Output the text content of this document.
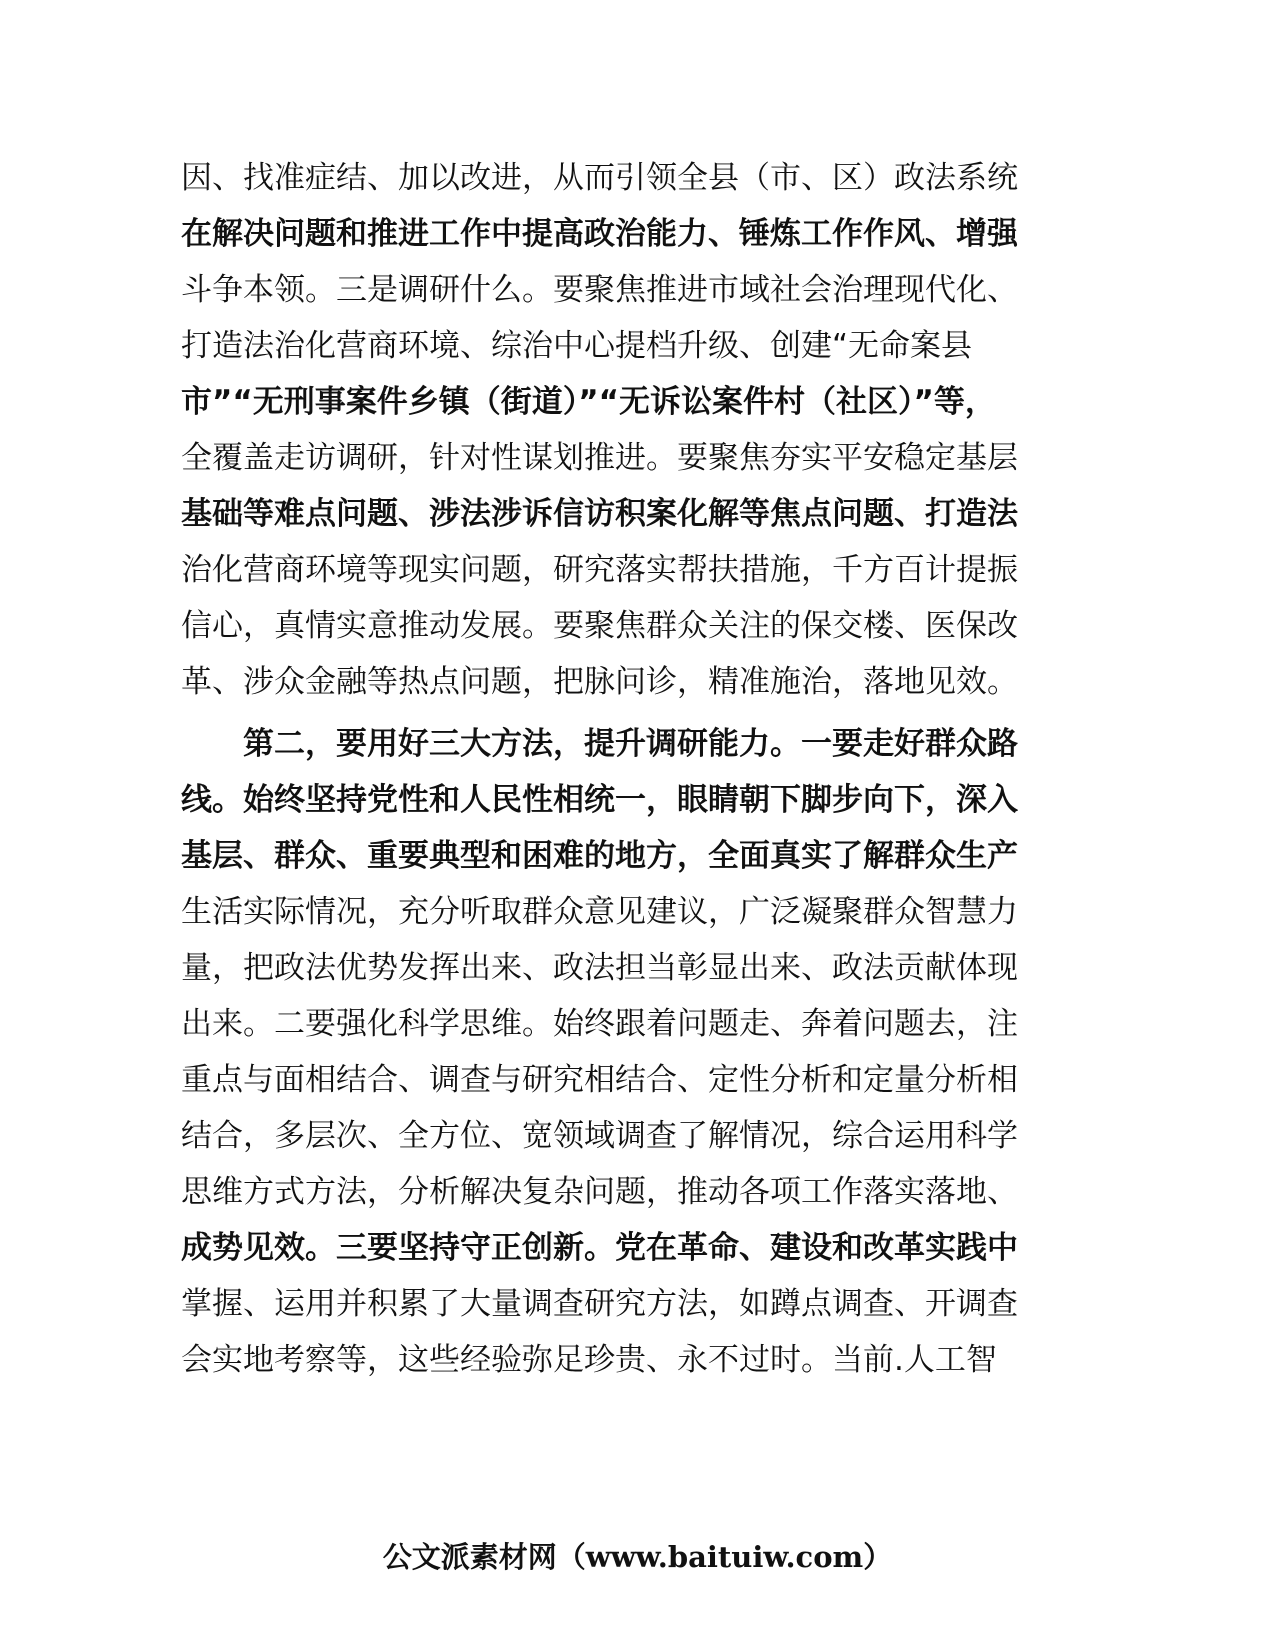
因、找准症结、加以改进，从而引领全县（市、区）政法系统
在解决问题和推进工作中提高政治能力、锤炼工作作风、增强
斗争本领。三是调研什么。要聚焦推进市域社会治理现代化、
打造法治化营商环境、综治中心提档升级、创建“无命案县
市”“无刑事案件乡镇（街道）”“无诉讼案件村（社区）”等，
全覆盖走访调研，针对性谋划推进。要聚焦夯实平安稳定基层
基础等难点问题、涉法涉诉信访积案化解等焦点问题、打造法
治化营商环境等现实问题，研究落实帮扶措施，千方百计提振
信心，真情实意推动发展。要聚焦群众关注的保交楼、医保改
革、涉众金融等热点问题，把脉问诊，精准施治，落地见效。
　　第二，要用好三大方法，提升调研能力。一要走好群众路
线。始终坚持党性和人民性相统一，眼睛朝下脚步向下，深入
基层、群众、重要典型和困难的地方，全面真实了解群众生产
生活实际情况，充分听取群众意见建议，广泛凝聚群众智慧力
量，把政法优势发挥出来、政法担当彰显出来、政法贡献体现
出来。二要强化科学思维。始终跟着问题走、奔着问题去，注
重点与面相结合、调查与研究相结合、定性分析和定量分析相
结合，多层次、全方位、宽领域调查了解情况，综合运用科学
思维方式方法，分析解决复杂问题，推动各项工作落实落地、
成势见效。三要坚持守正创新。党在革命、建设和改革实践中
掌握、运用并积累了大量调查研究方法，如蹲点调查、开调查
会实地考察等，这些经验弥足珍贵、永不过时。当前.人工智
公文派素材网（www.baituiw.com）
